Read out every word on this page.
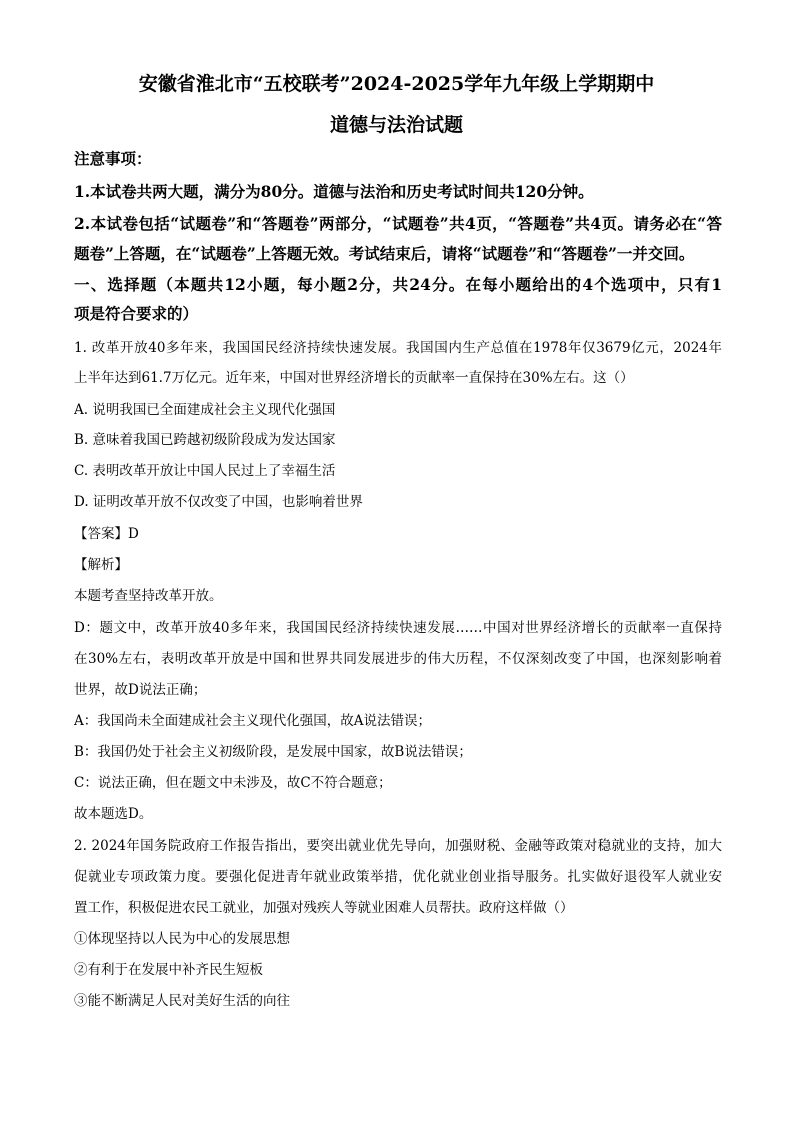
安徽省淮北市“五校联考”2024-2025学年九年级上学期期中
道德与法治试题
注意事项：
1.本试卷共两大题，满分为80分。道德与法治和历史考试时间共120分钟。
2.本试卷包括“试题卷”和“答题卷”两部分，“试题卷”共4页，“答题卷”共4页。请务必在“答
题卷”上答题，在“试题卷”上答题无效。考试结束后，请将“试题卷”和“答题卷”一并交回。
一、选择题（本题共12小题，每小题2分，共24分。在每小题给出的4个选项中，只有1
项是符合要求的）
1. 改革开放40多年来，我国国民经济持续快速发展。我国国内生产总值在1978年仅3679亿元，2024年
上半年达到61.7万亿元。近年来，中国对世界经济增长的贡献率一直保持在30%左右。这（）
A. 说明我国已全面建成社会主义现代化强国
B. 意味着我国已跨越初级阶段成为发达国家
C. 表明改革开放让中国人民过上了幸福生活
D. 证明改革开放不仅改变了中国，也影响着世界
【答案】D
【解析】
本题考查坚持改革开放。
D：题文中，改革开放40多年来，我国国民经济持续快速发展……中国对世界经济增长的贡献率一直保持
在30%左右，表明改革开放是中国和世界共同发展进步的伟大历程，不仅深刻改变了中国，也深刻影响着
世界，故D说法正确；
A：我国尚未全面建成社会主义现代化强国，故A说法错误；
B：我国仍处于社会主义初级阶段，是发展中国家，故B说法错误；
C：说法正确，但在题文中未涉及，故C不符合题意；
故本题选D。
2. 2024年国务院政府工作报告指出，要突出就业优先导向，加强财税、金融等政策对稳就业的支持，加大
促就业专项政策力度。要强化促进青年就业政策举措，优化就业创业指导服务。扎实做好退役军人就业安
置工作，积极促进农民工就业，加强对残疾人等就业困难人员帮扶。政府这样做（）
①体现坚持以人民为中心的发展思想
②有利于在发展中补齐民生短板
③能不断满足人民对美好生活的向往
